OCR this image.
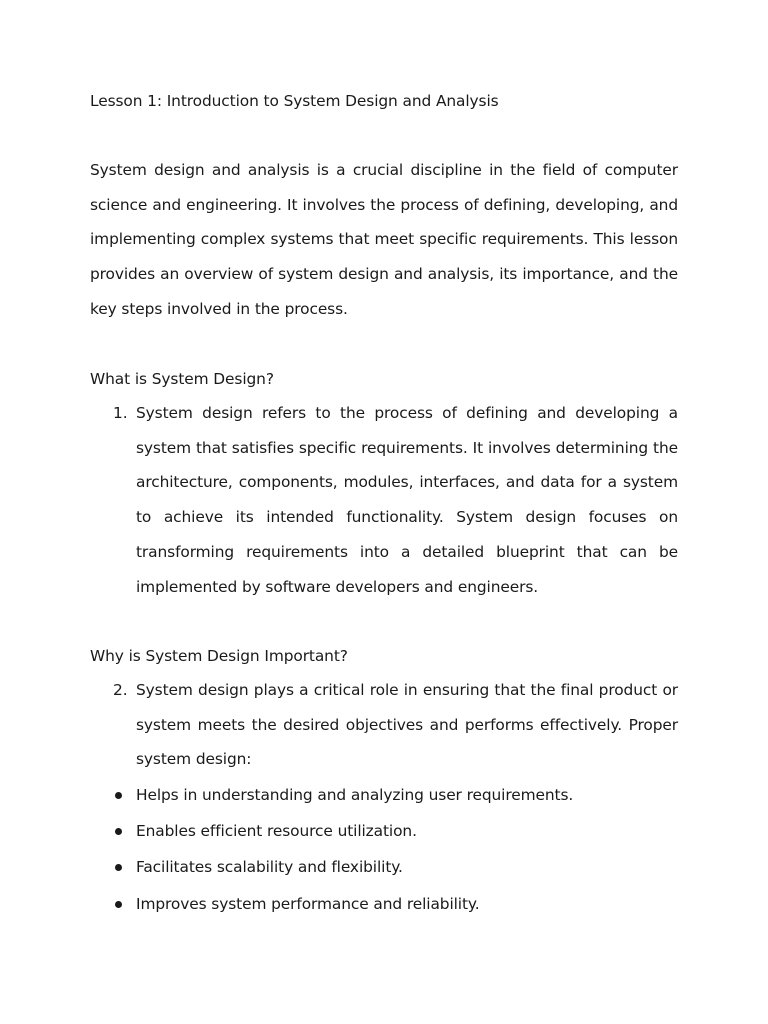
Lesson 1: Introduction to System Design and Analysis
System design and analysis is a crucial discipline in the field of computer science and engineering. It involves the process of defining, developing, and implementing complex systems that meet specific requirements. This lesson provides an overview of system design and analysis, its importance, and the key steps involved in the process.
What is System Design?
1. System design refers to the process of defining and developing a system that satisfies specific requirements. It involves determining the architecture, components, modules, interfaces, and data for a system to achieve its intended functionality. System design focuses on transforming requirements into a detailed blueprint that can be implemented by software developers and engineers.
Why is System Design Important?
2. System design plays a critical role in ensuring that the final product or system meets the desired objectives and performs effectively. Proper system design:
Helps in understanding and analyzing user requirements.
Enables efficient resource utilization.
Facilitates scalability and flexibility.
Improves system performance and reliability.
